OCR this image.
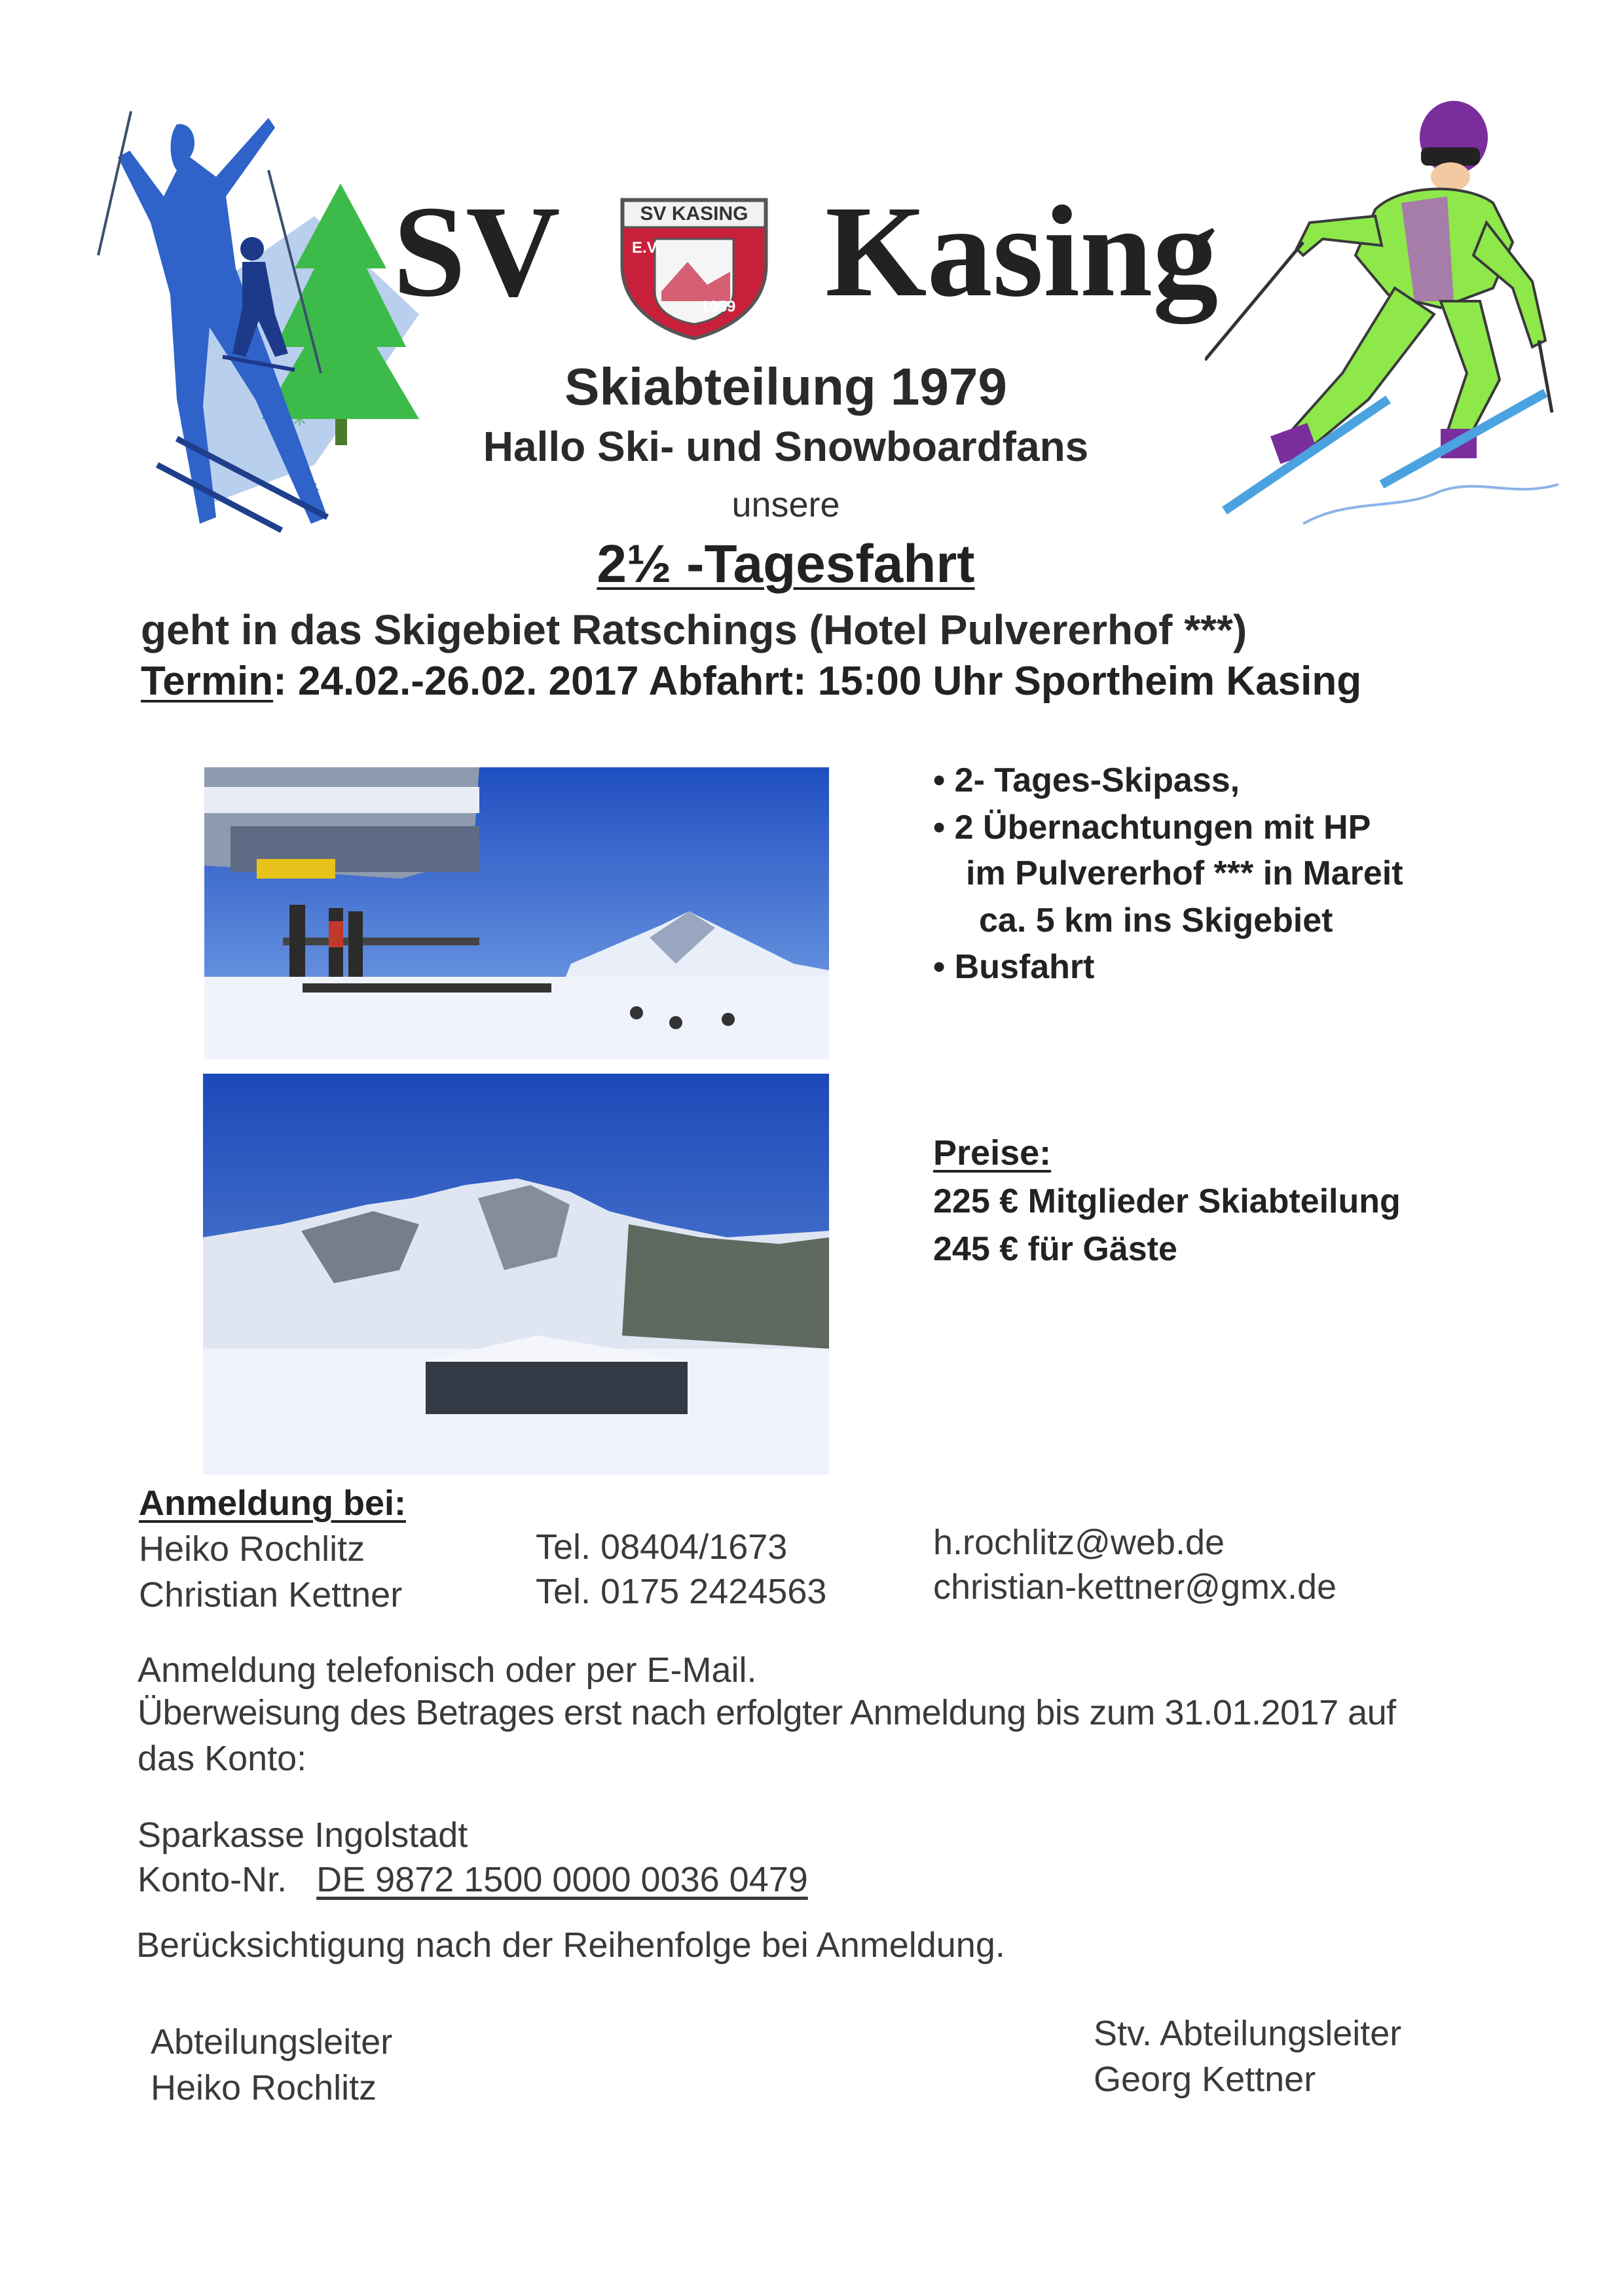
✳
✳
✳
SV	SV KASING
E.V.
1959 Kasing
Skiabteilung 1979
Hallo Ski- und Snowboardfans
unsere
2½ -Tagesfahrt
geht in das Skigebiet Ratschings (Hotel Pulvererhof ***)
Termin: 24.02.-26.02. 2017 Abfahrt: 15:00 Uhr Sportheim Kasing
• 2- Tages-Skipass,
• 2 Übernachtungen mit HP
im Pulvererhof *** in Mareit
ca. 5 km ins Skigebiet
• Busfahrt
Preise:
225 € Mitglieder Skiabteilung
245 € für Gäste
Anmeldung bei:
Heiko Rochlitz	Tel. 08404/1673	h.rochlitz@web.de
Christian Kettner	Tel. 0175 2424563	christian-kettner@gmx.de
Anmeldung telefonisch oder per E-Mail.
Überweisung des Betrages erst nach erfolgter Anmeldung bis zum 31.01.2017 auf
das Konto:
Sparkasse Ingolstadt
Konto-Nr. DE 9872 1500 0000 0036 0479
Berücksichtigung nach der Reihenfolge bei Anmeldung.
Abteilungsleiter
Heiko Rochlitz
Stv. Abteilungsleiter
Georg Kettner
